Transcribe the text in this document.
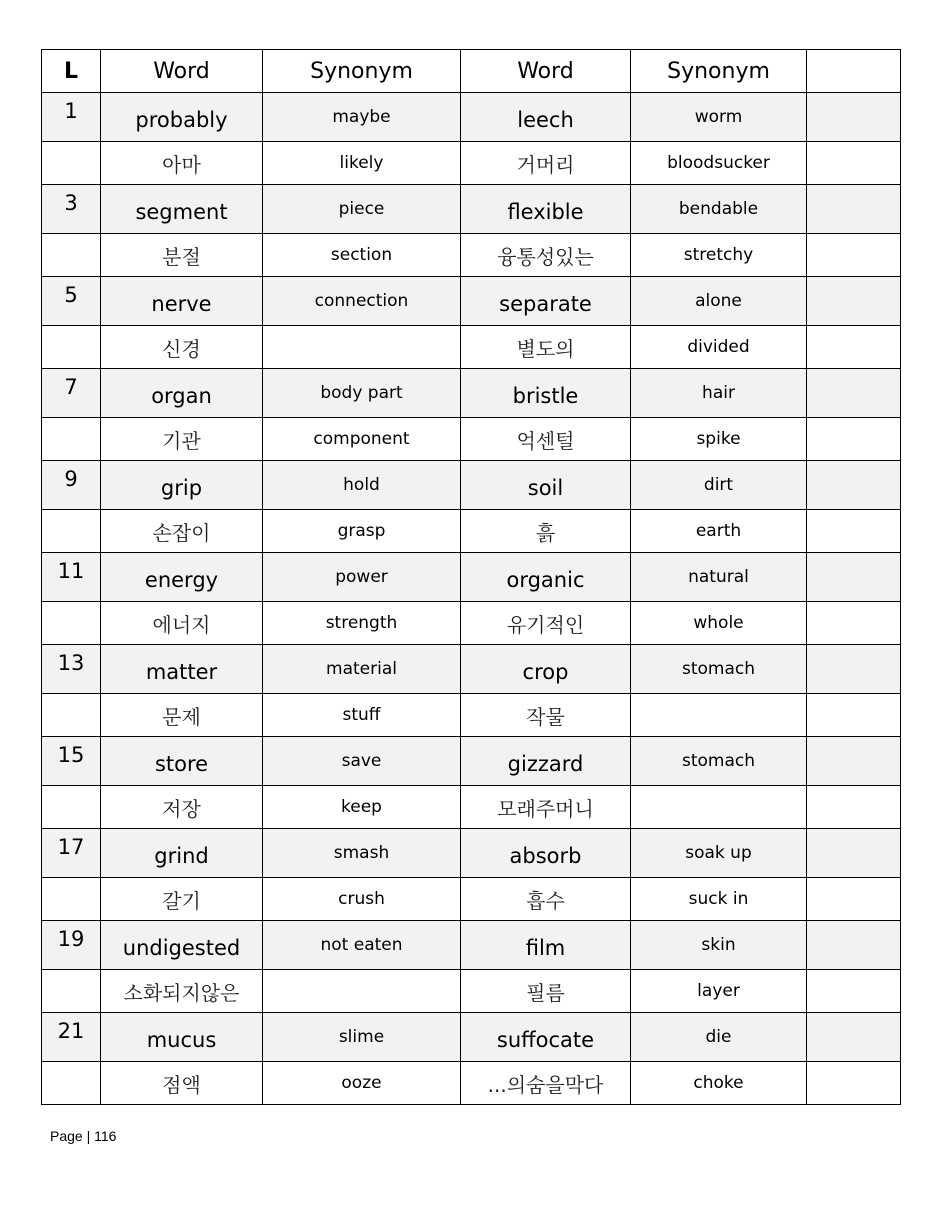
L	Word	Synonym	Word	Synonym	
1	probably	maybe	leech	worm	
	아마	likely	거머리	bloodsucker	
3	segment	piece	flexible	bendable	
	분절	section	융통성있는	stretchy	
5	nerve	connection	separate	alone	
	신경		별도의	divided	
7	organ	body part	bristle	hair	
	기관	component	억센털	spike	
9	grip	hold	soil	dirt	
	손잡이	grasp	흙	earth	
11	energy	power	organic	natural	
	에너지	strength	유기적인	whole	
13	matter	material	crop	stomach	
	문제	stuff	작물		
15	store	save	gizzard	stomach	
	저장	keep	모래주머니		
17	grind	smash	absorb	soak up	
	갈기	crush	흡수	suck in	
19	undigested	not eaten	film	skin	
	소화되지않은		필름	layer	
21	mucus	slime	suffocate	die	
	점액	ooze	...의숨을막다	choke	
Page | 116
